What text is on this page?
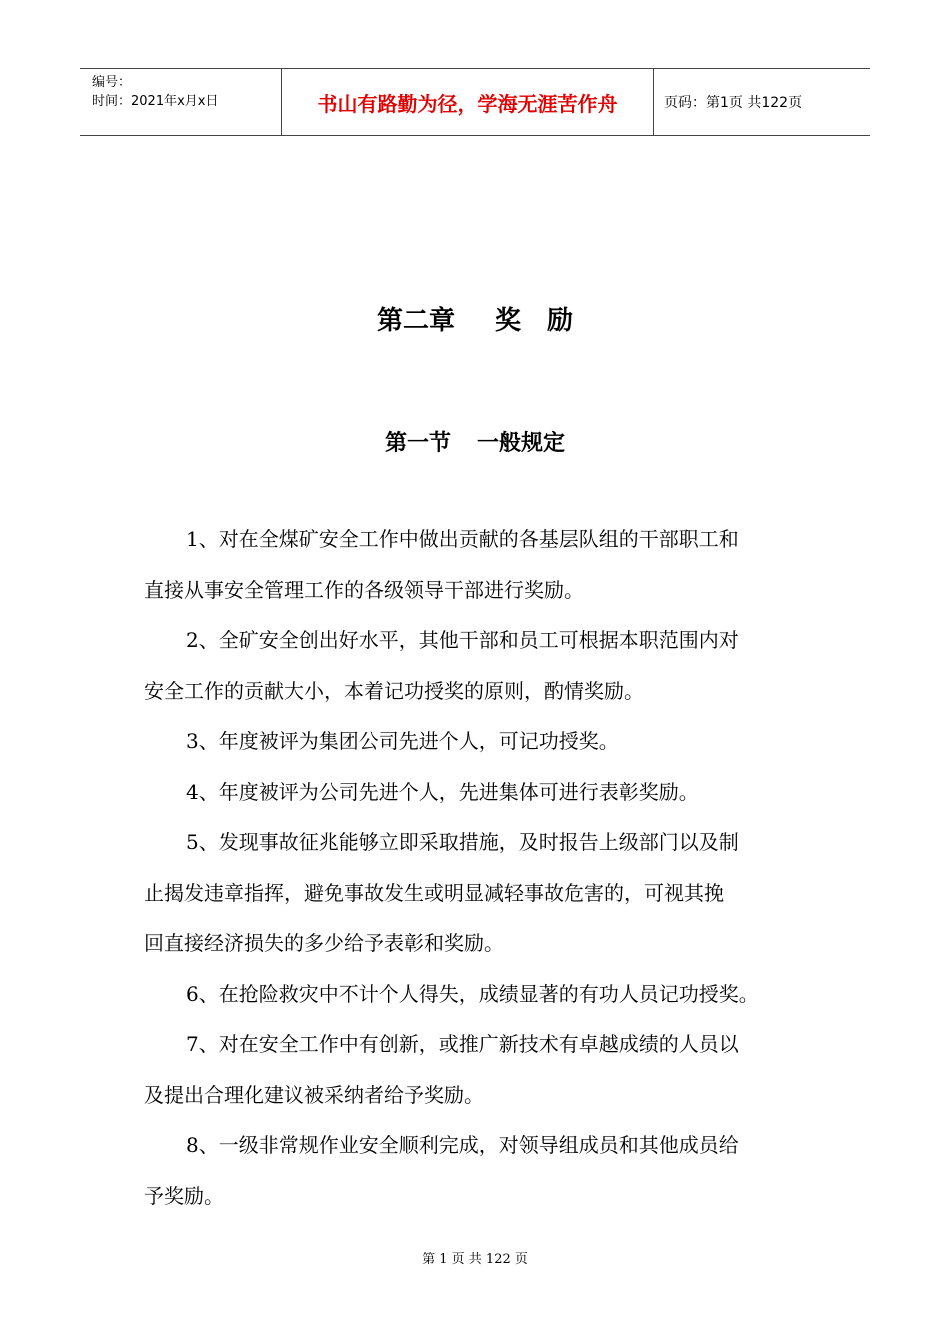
编号：
时间：2021年x月x日	书山有路勤为径，学海无涯苦作舟	页码：第1页 共122页
第二章 奖　励
第一节 一般规定
1、对在全煤矿安全工作中做出贡献的各基层队组的干部职工和
直接从事安全管理工作的各级领导干部进行奖励。
2、全矿安全创出好水平，其他干部和员工可根据本职范围内对
安全工作的贡献大小，本着记功授奖的原则，酌情奖励。
3、年度被评为集团公司先进个人，可记功授奖。
4、年度被评为公司先进个人，先进集体可进行表彰奖励。
5、发现事故征兆能够立即采取措施，及时报告上级部门以及制
止揭发违章指挥，避免事故发生或明显减轻事故危害的，可视其挽
回直接经济损失的多少给予表彰和奖励。
6、在抢险救灾中不计个人得失，成绩显著的有功人员记功授奖。
7、对在安全工作中有创新，或推广新技术有卓越成绩的人员以
及提出合理化建议被采纳者给予奖励。
8、一级非常规作业安全顺利完成，对领导组成员和其他成员给
予奖励。
第 1 页 共 122 页
